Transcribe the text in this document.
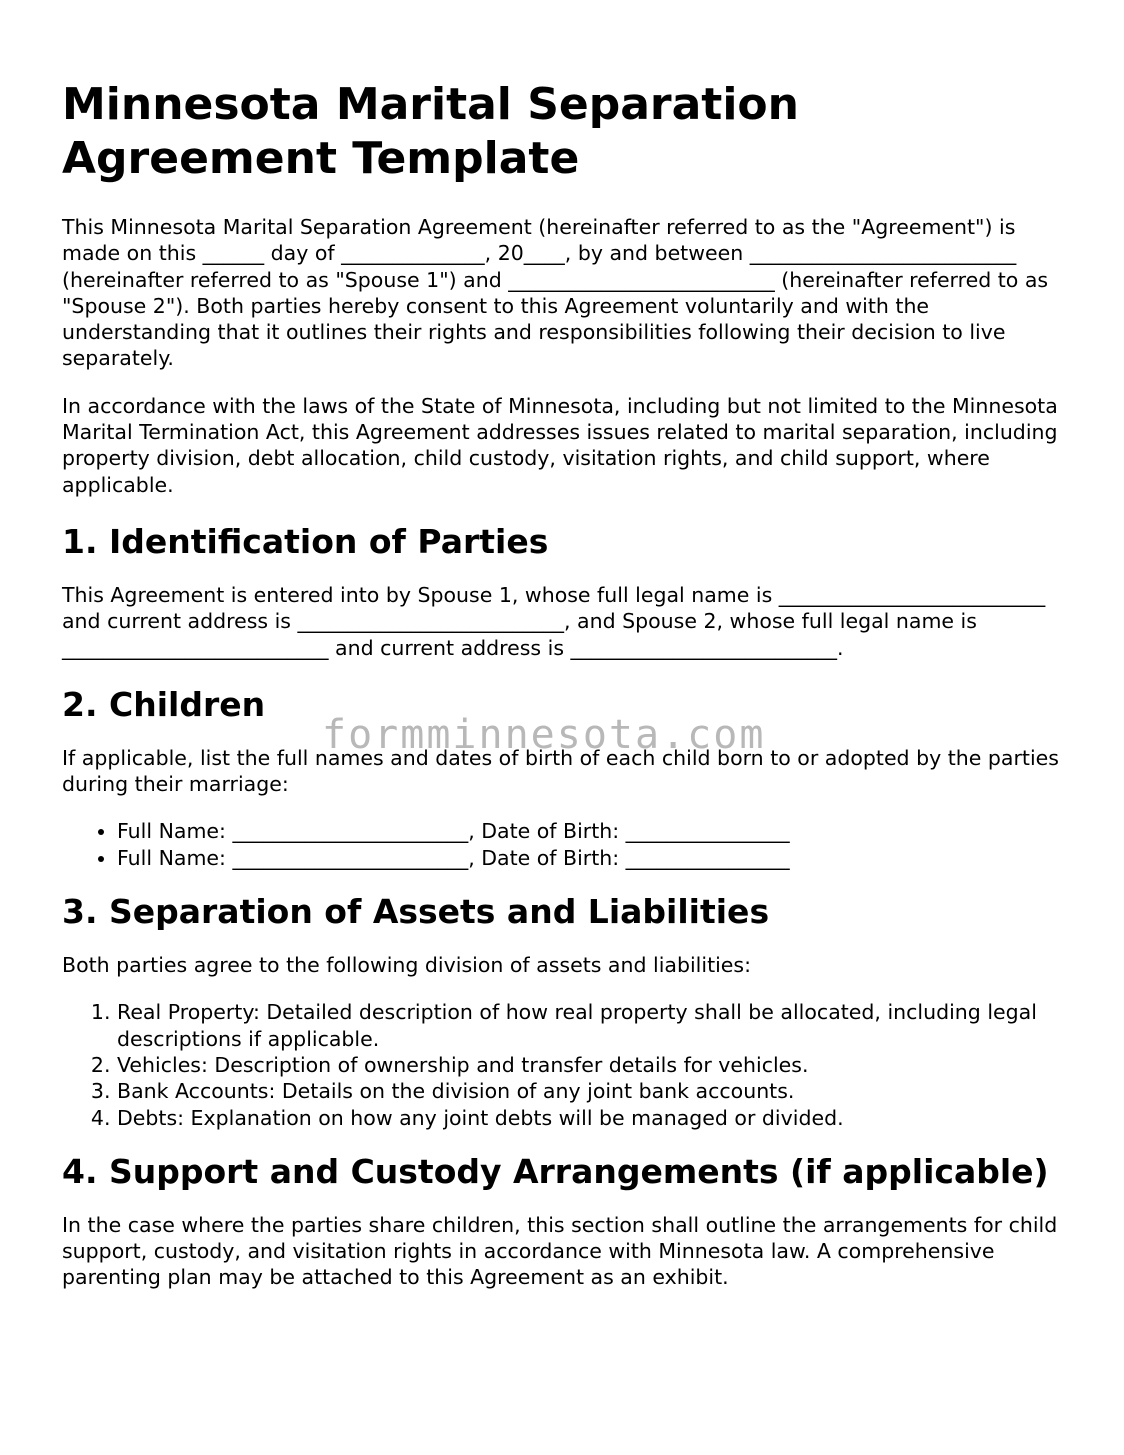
Minnesota Marital Separation Agreement Template

This Minnesota Marital Separation Agreement (hereinafter referred to as the "Agreement") is made on this ______ day of ______________, 20____, by and between __________________________ (hereinafter referred to as "Spouse 1") and __________________________ (hereinafter referred to as "Spouse 2"). Both parties hereby consent to this Agreement voluntarily and with the understanding that it outlines their rights and responsibilities following their decision to live separately.

In accordance with the laws of the State of Minnesota, including but not limited to the Minnesota Marital Termination Act, this Agreement addresses issues related to marital separation, including property division, debt allocation, child custody, visitation rights, and child support, where applicable.

1. Identification of Parties

This Agreement is entered into by Spouse 1, whose full legal name is __________________________ and current address is __________________________, and Spouse 2, whose full legal name is __________________________ and current address is __________________________.

2. Children

If applicable, list the full names and dates of birth of each child born to or adopted by the parties during their marriage:

• Full Name: _______________________, Date of Birth: ________________
• Full Name: _______________________, Date of Birth: ________________
3. Separation of Assets and Liabilities

Both parties agree to the following division of assets and liabilities:

1. Real Property: Detailed description of how real property shall be allocated, including legal descriptions if applicable.
2. Vehicles: Description of ownership and transfer details for vehicles.
3. Bank Accounts: Details on the division of any joint bank accounts.
4. Debts: Explanation on how any joint debts will be managed or divided.
4. Support and Custody Arrangements (if applicable)

In the case where the parties share children, this section shall outline the arrangements for child support, custody, and visitation rights in accordance with Minnesota law. A comprehensive parenting plan may be attached to this Agreement as an exhibit.

formminnesota.com
